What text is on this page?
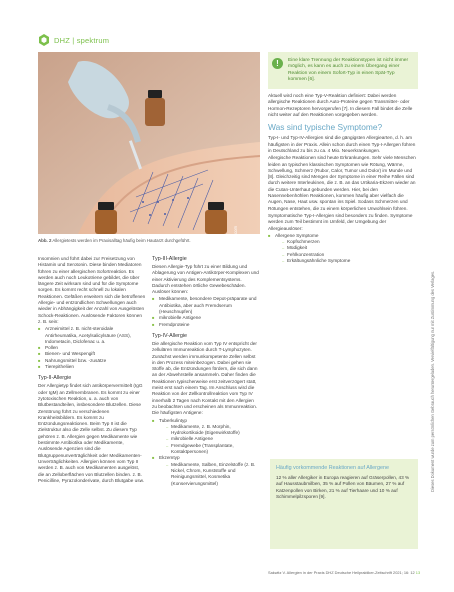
DHZ | spektrum
© bighanif / stock.adobe.com
Abb. 2 Allergietests werden im Praxisalltag häufig beim Hautarzt durchgeführt.

Insomnien und führt dabei zur Freisetzung von Histamin und Serotonin. Diese binden Mediatoren führen zu einer allergischen Sofortreaktion. Es werden auch noch Leukotriene gebildet, die über längere Zeit wirksam sind und für die Symptome sorgen. Es kommt recht schnell zu lokalen Reaktionen. Gefäßen erweitern sich die betroffenen Allergie- und entzündlichen Schwellungen auch wieder in Abhängigkeit der Anzahl von Ausgelösten Schock-Reaktionen. Auslösende Faktoren können z. B. sein:

■ Arzneimittel z. B. nicht-steroidale Antirheumatika, Acetylsalicylsäure (ASS), Indometacin, Diclofenac u. a.
■ Pollen
■ Bienen- und Wespengift
■ Nahrungsmittel bzw. -zusätze
■ Tierepitheliien
Typ-II-Allergie

Der Allergietyp findet sich antikörpervermittelt (IgG oder IgM) an Zellmembranen. Es kommt zu einer zytotoxischen Reaktion, u. a. auch von Blutbestandteilen, insbesondere Blutzellen. Diese Zerstörung führt zu verschiedenen Krankheitsbildern. Es kommt zu Entzündungsreaktionen. Beim Typ II ist die Zielstruktur also die Zelle selbst. Zu diesem Typ gehören z. B. Allergien gegen Medikamente wie bestimmte Antibiotika oder Medikamente, Auslösende Agenzien sind die Blutgruppenunverträglichkeit oder Medikamenten-Unverträglichkeiten. Allergien können vom Typ II werden z. B. auch von Medikamenten ausgelöst, die an Zelloberflächen von Blutzellen binden. z. B. Penicilline, Pyrazolonderivate, durch Blutgabe usw.

Typ-III-Allergie

Diesen Allergie-Typ führt zu einer Bildung und Ablagerung von Antigen-Antikörper-Komplexen und einer Aktivierung des Komplementsystems. Dadurch entstehen örtliche Gewebeschäden. Auslöser können:

■ Medikamente, besondere Depot-präparate und Antibiotika, aber auch Fremdserum (Heuschnupfen)
■ mikrobielle Antigene
■ Fremdproteine
Typ-IV-Allergie

Die allergische Reaktion vom Typ IV entspricht der zellulären Immunreaktion durch T-Lymphozyten. Zunächst werden immunkompetente Zellen selbst in den Prozess miteinbezogen. Dabei gehen sie Stoffe ab, die Entzündungen fördern, die sich dann an der Abwehrstelle ansammeln. Daher finden die Reaktionen typischerweise erst zeitverzögert statt, meist erst nach einem Tag. Im Anschluss wird die Reaktion von der Zellkontrollreaktion vom Typ IV innerhalb 2 Tagen nach Kontakt mit den Allergien zu beobachten und erscheinen als Immunreaktion. Die häufigsten Antigene:

■ Tuberkulintyp
– Medikamente, z. B. Morphin, Hydrokortikoide (Eigenwirkstoffe)
– mikrobielle Antigene
– Fremdgewebe (Transplantate, Kontaktpersonen)
■ Ekzemtyp
– Medikamente, Salben, Einzelstoffe (z. B. Nickel, Chrom, Kunststoffe und Reinigungsmittel, Kosmetika (Konservierungsmittel)
!	Eine klare Trennung der Reaktionstypen ist nicht immer möglich, es kann es auch zu einem Übergang einer Reaktion von einem Sofort-Typ in einen Spät-Typ kommen [6].

Aktuell wird noch eine Typ-V-Reaktion definiert: Dabei werden allergische Reaktionen durch Auto-Proteine gegen Transmitter- oder Hormon-Rezeptoren hervorgerufen [7]. In diesem Fall bindet die Zelle nicht weiter auf den Reaktionen vorgegeben werden.

Was sind typische Symptome?

Typ-I- und Typ-IV-Allergien sind die gängigsten Allergiearten, d. h. am häufigsten in der Praxis. Allein schon durch einen Typ-I-Allergen führen in Deutschland zu bis zu ca. 4 Mio. Neuerkrankungen.

Allergische Reaktionen sind heute Erkrankungen. Sehr viele Menschen leiden an typischen klassischen Symptomen wie Rötung, Wärme, Schwellung, Schmerz (Rubor, Calor, Tumor und Dolor) im Munde und [8]. Gleichzeitig sind Mengen der Symptome in einer Reihe Fällen sind durch weitere Interleukinen, die z. B. an das Urtikaria-Ekzem wieder an die Cutan-Unterhaut gebunden werden. Hier, bei den Nasennebenhöhlen Reaktionen, kommen häufig aber vielfach die Augen, Nase, Haut usw. spontan ins Spiel. Sodass Schmerzen und Rötungen entstehen, die zu einem körperlichen Unwohlsein führen.

Symptomatische Typ-I-Allergien sind besonders zu finden. Symptome werden zum Teil bestimmt im Umfeld, der Umgebung der Allergieauslöser:

■ Allergene Symptome
– Kopfschmerzen
– Müdigkeit
– Fehlkonzentration
– Erkältungsähnliche Symptome
Häufig vorkommende Reaktionen auf Allergene

12 % aller Allergiker in Europa reagieren auf Gräserpollen, 43 % auf Hausstaubmilben, 35 % auf Pollen von Bäumen, 27 % auf Katzenpollen von Birken, 21 % auf Tierhaare und 10 % auf Schimmelpilzsporen [9].

Sakwitz V. Allergien in der Praxis DHZ Deutsche Heilpraktiker-Zeitschrift 2021; 16: 12 13
Dieses Dokument wurde zum persönlichen Gebrauch heruntergeladen. Vervielfältigung nur mit Zustimmung des Verlages.
